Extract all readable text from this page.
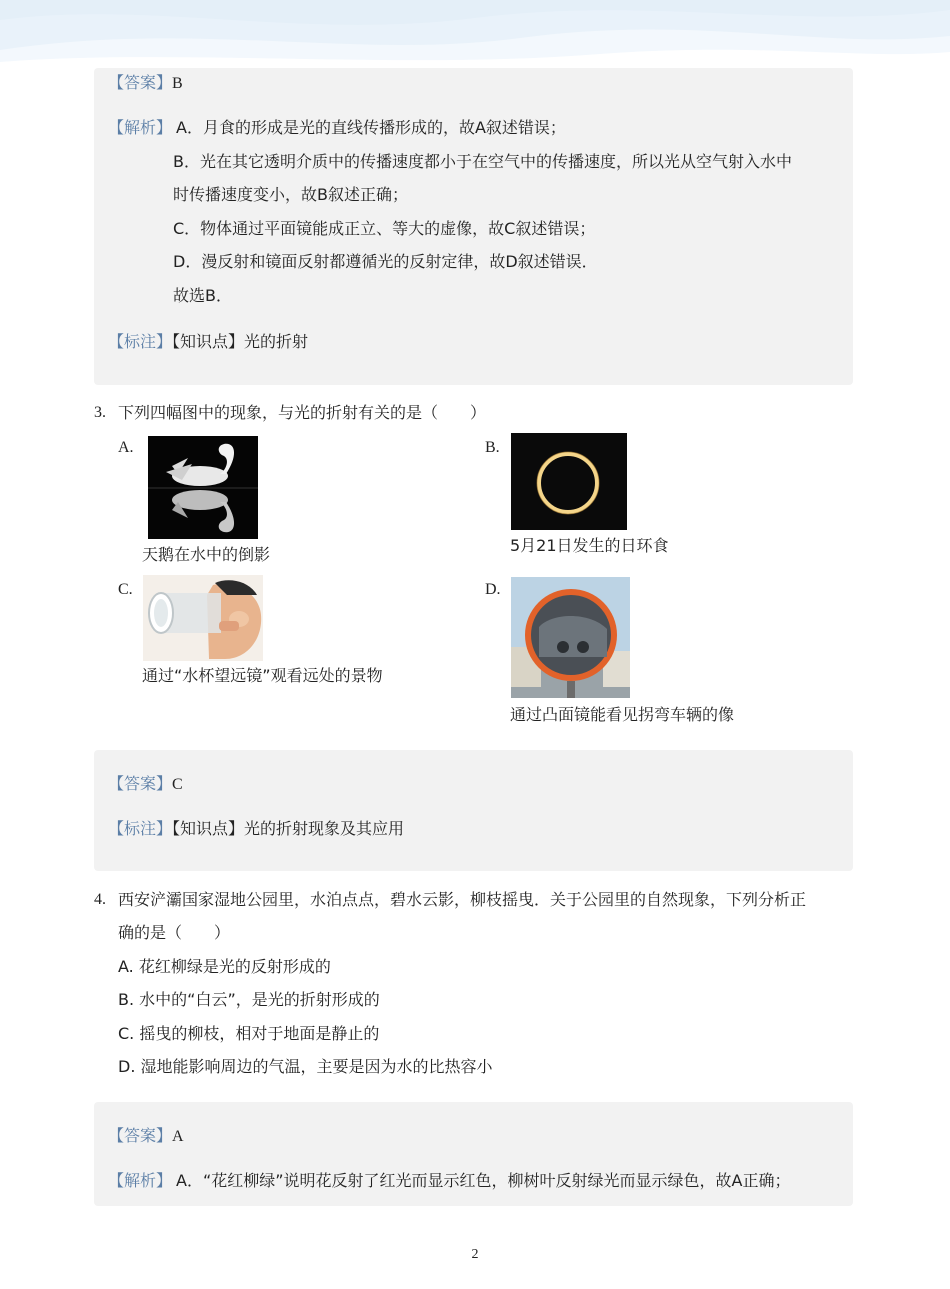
【答案】B
【解析】 A．月食的形成是光的直线传播形成的，故A叙述错误；
B．光在其它透明介质中的传播速度都小于在空气中的传播速度，所以光从空气射入水中
时传播速度变小，故B叙述正确；
C．物体通过平面镜能成正立、等大的虚像，故C叙述错误；
D．漫反射和镜面反射都遵循光的反射定律，故D叙述错误．
故选B．
【标注】【知识点】光的折射
3. 下列四幅图中的现象，与光的折射有关的是（　　）
A.
天鹅在水中的倒影
B.
5月21日发生的日环食
C.
通过“水杯望远镜”观看远处的景物
D.
通过凸面镜能看见拐弯车辆的像
【答案】C
【标注】【知识点】光的折射现象及其应用
4. 西安浐灞国家湿地公园里，水泊点点，碧水云影，柳枝摇曳．关于公园里的自然现象，下列分析正
确的是（　　）
A. 花红柳绿是光的反射形成的
B. 水中的“白云”，是光的折射形成的
C. 摇曳的柳枝，相对于地面是静止的
D. 湿地能影响周边的气温，主要是因为水的比热容小
【答案】A
【解析】 A．“花红柳绿”说明花反射了红光而显示红色，柳树叶反射绿光而显示绿色，故A正确；
2
